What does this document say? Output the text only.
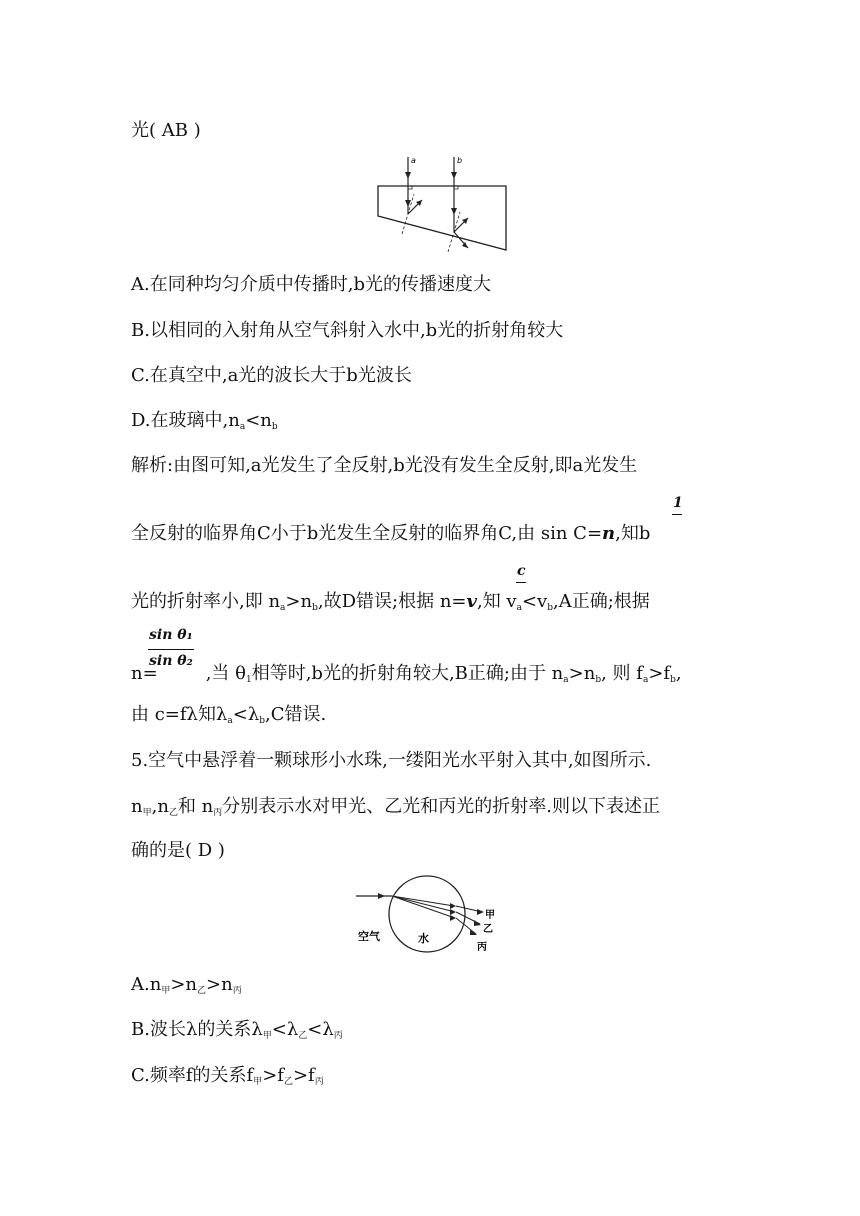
光( AB )
a	b
A.在同种均匀介质中传播时,b光的传播速度大
B.以相同的入射角从空气斜射入水中,b光的折射角较大
C.在真空中,a光的波长大于b光波长
D.在玻璃中$,n_a<n_b$
解析:由图可知,a光发生了全反射,b光没有发生全反射,即a光发生
1
全反射的临界角C小于b光发生全反射的临界角C,由 sin C=n,知b
c
光的折射率小,即 $n_a>n_b$,故D错误;根据 n=v,知 $v_a<v_b,A$正确;根据
sin θ₁
sin θ₂
n=	,当 $\theta_1$相等时,b光的折射角较大,B正确;由于 $n_a>n_b$, 则 $f_a>f_b$,
由 c=fλ知$\lambda_a<\lambda_b,C$错误.
5.空气中悬浮着一颗球形小水珠,一缕阳光水平射入其中,如图所示.
$n_甲,n_乙$和 $n_丙$分别表示水对甲光、乙光和丙光的折射率.则以下表述正
确的是( D )
空气	水
甲
乙
丙
$A.n_甲>n_乙>n_丙$
B.波长λ的关系$\lambda_甲<\lambda_乙<\lambda_丙$
C.频率f的关系$f_甲>f_乙>f_丙$
